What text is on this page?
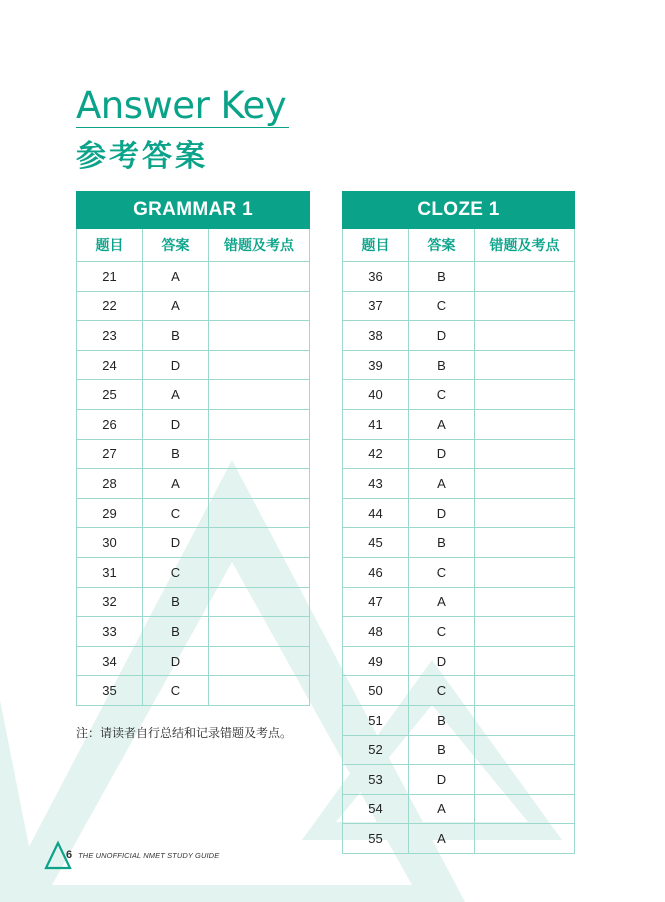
Answer Key
参考答案
GRAMMAR 1		
题目	答案	错题及考点
21	A	
22	A	
23	B	
24	D	
25	A	
26	D	
27	B	
28	A	
29	C	
30	D	
31	C	
32	B	
33	B	
34	D	
35	C	
CLOZE 1		
题目	答案	错题及考点
36	B	
37	C	
38	D	
39	B	
40	C	
41	A	
42	D	
43	A	
44	D	
45	B	
46	C	
47	A	
48	C	
49	D	
50	C	
51	B	
52	B	
53	D	
54	A	
55	A	

注：请读者自行总结和记录错题及考点。

6 THE UNOFFICIAL NMET STUDY GUIDE
